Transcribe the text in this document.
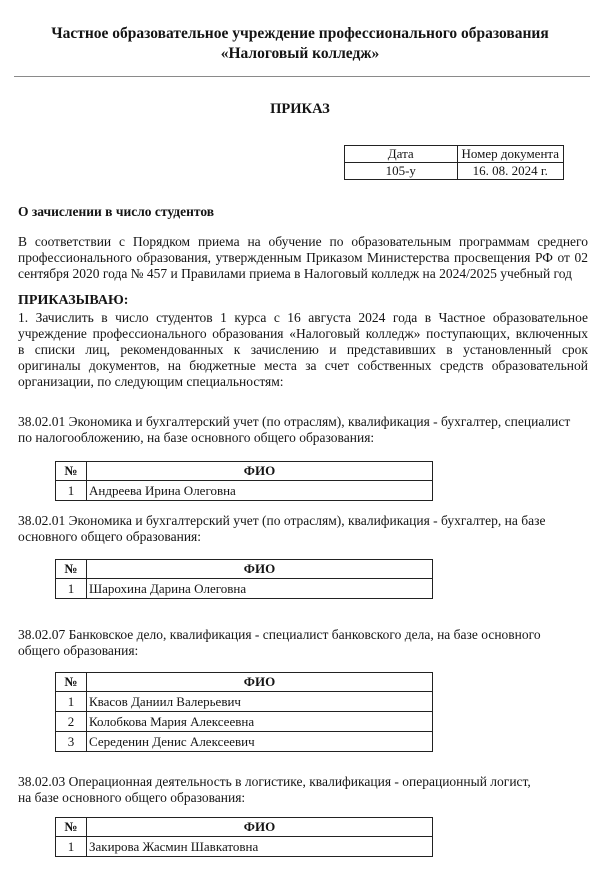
Частное образовательное учреждение профессионального образования
«Налоговый колледж»
ПРИКАЗ
Дата	Номер документа
105-у	16. 08. 2024 г.
О зачислении в число студентов
В соответствии с Порядком приема на обучение по образовательным программам среднего
профессионального образования, утвержденным Приказом Министерства просвещения РФ от 02
сентября 2020 года № 457 и Правилами приема в Налоговый колледж на 2024/2025 учебный год
ПРИКАЗЫВАЮ:
1. Зачислить в число студентов 1 курса с 16 августа 2024 года в Частное образовательное
учреждение профессионального образования «Налоговый колледж» поступающих, включенных
в списки лиц, рекомендованных к зачислению и представивших в установленный срок
оригиналы документов, на бюджетные места за счет собственных средств образовательной
организации, по следующим специальностям:
38.02.01 Экономика и бухгалтерский учет (по отраслям), квалификация - бухгалтер, специалист
по налогообложению, на базе основного общего образования:
№	ФИО
1	Андреева Ирина Олеговна
38.02.01 Экономика и бухгалтерский учет (по отраслям), квалификация - бухгалтер, на базе
основного общего образования:
№	ФИО
1	Шарохина Дарина Олеговна
38.02.07 Банковское дело, квалификация - специалист банковского дела, на базе основного
общего образования:
№	ФИО
1	Квасов Даниил Валерьевич
2	Колобкова Мария Алексеевна
3	Середенин Денис Алексеевич
38.02.03 Операционная деятельность в логистике, квалификация - операционный логист,
на базе основного общего образования:
№	ФИО
1	Закирова Жасмин Шавкатовна
